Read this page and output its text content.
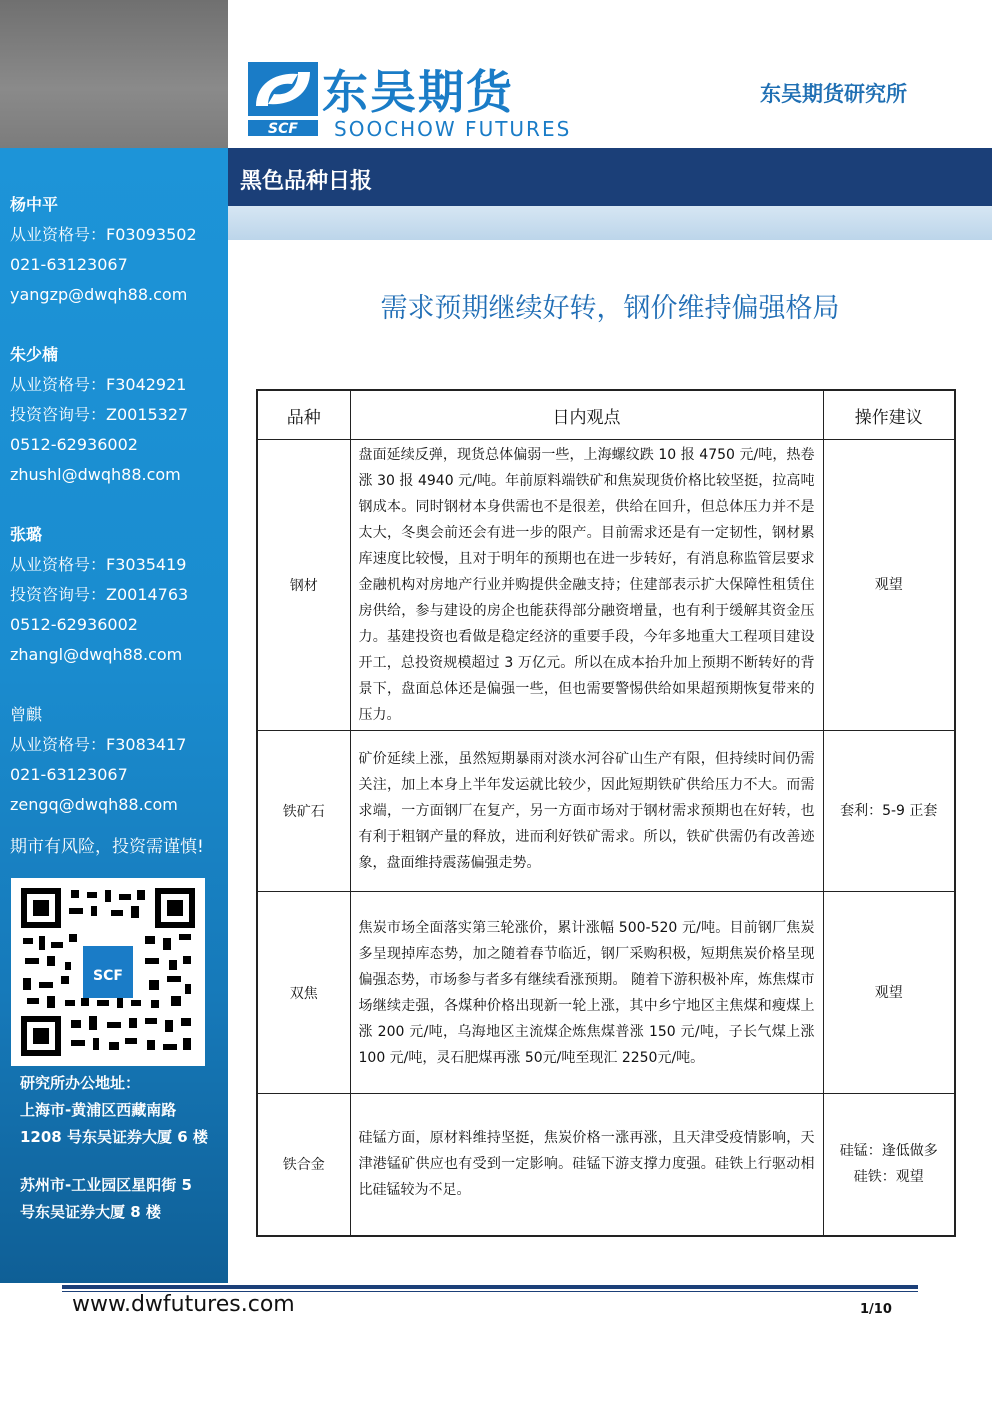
杨中平
从业资格号：F03093502
021-63123067
yangzp@dwqh88.com
朱少楠
从业资格号：F3042921
投资咨询号：Z0015327
0512-62936002
zhushl@dwqh88.com
张璐
从业资格号：F3035419
投资咨询号：Z0014763
0512-62936002
zhangl@dwqh88.com
曾麒
从业资格号：F3083417
021-63123067
zengq@dwqh88.com
期市有风险，投资需谨慎!
SCF
研究所办公地址：
上海市-黄浦区西藏南路
1208 号东吴证券大厦 6 楼
苏州市-工业园区星阳街 5
号东吴证券大厦 8 楼
SCF
东吴期货
SOOCHOW FUTURES
东吴期货研究所
黑色品种日报
需求预期继续好转，钢价维持偏强格局
品种	日内观点	操作建议
钢材	盘面延续反弹，现货总体偏弱一些，上海螺纹跌 10 报 4750 元/吨，热卷涨 30 报 4940 元/吨。年前原料端铁矿和焦炭现货价格比较坚挺，拉高吨钢成本。同时钢材本身供需也不是很差，供给在回升，但总体压力并不是太大，冬奥会前还会有进一步的限产。目前需求还是有一定韧性，钢材累库速度比较慢，且对于明年的预期也在进一步转好，有消息称监管层要求金融机构对房地产行业并购提供金融支持；住建部表示扩大保障性租赁住房供给，参与建设的房企也能获得部分融资增量，也有利于缓解其资金压力。基建投资也看做是稳定经济的重要手段，今年多地重大工程项目建设开工，总投资规模超过 3 万亿元。所以在成本抬升加上预期不断转好的背景下，盘面总体还是偏强一些，但也需要警惕供给如果超预期恢复带来的压力。	观望

铁矿石	矿价延续上涨，虽然短期暴雨对淡水河谷矿山生产有限，但持续时间仍需关注，加上本身上半年发运就比较少，因此短期铁矿供给压力不大。而需求端，一方面钢厂在复产，另一方面市场对于钢材需求预期也在好转，也有利于粗钢产量的释放，进而利好铁矿需求。所以，铁矿供需仍有改善迹象，盘面维持震荡偏强走势。	套利：5-9 正套

双焦	焦炭市场全面落实第三轮涨价，累计涨幅 500-520 元/吨。目前钢厂焦炭多呈现掉库态势，加之随着春节临近，钢厂采购积极，短期焦炭价格呈现偏强态势，市场参与者多有继续看涨预期。 随着下游积极补库，炼焦煤市场继续走强，各煤种价格出现新一轮上涨，其中乡宁地区主焦煤和瘦煤上涨 200 元/吨，乌海地区主流煤企炼焦煤普涨 150 元/吨，子长气煤上涨 100 元/吨，灵石肥煤再涨 50元/吨至现汇 2250元/吨。	观望

铁合金	硅锰方面，原材料维持坚挺，焦炭价格一涨再涨，且天津受疫情影响，天津港锰矿供应也有受到一定影响。硅锰下游支撑力度强。硅铁上行驱动相比硅锰较为不足。	硅锰：逢低做多
硅铁：观望
www.dwfutures.com	1/10
